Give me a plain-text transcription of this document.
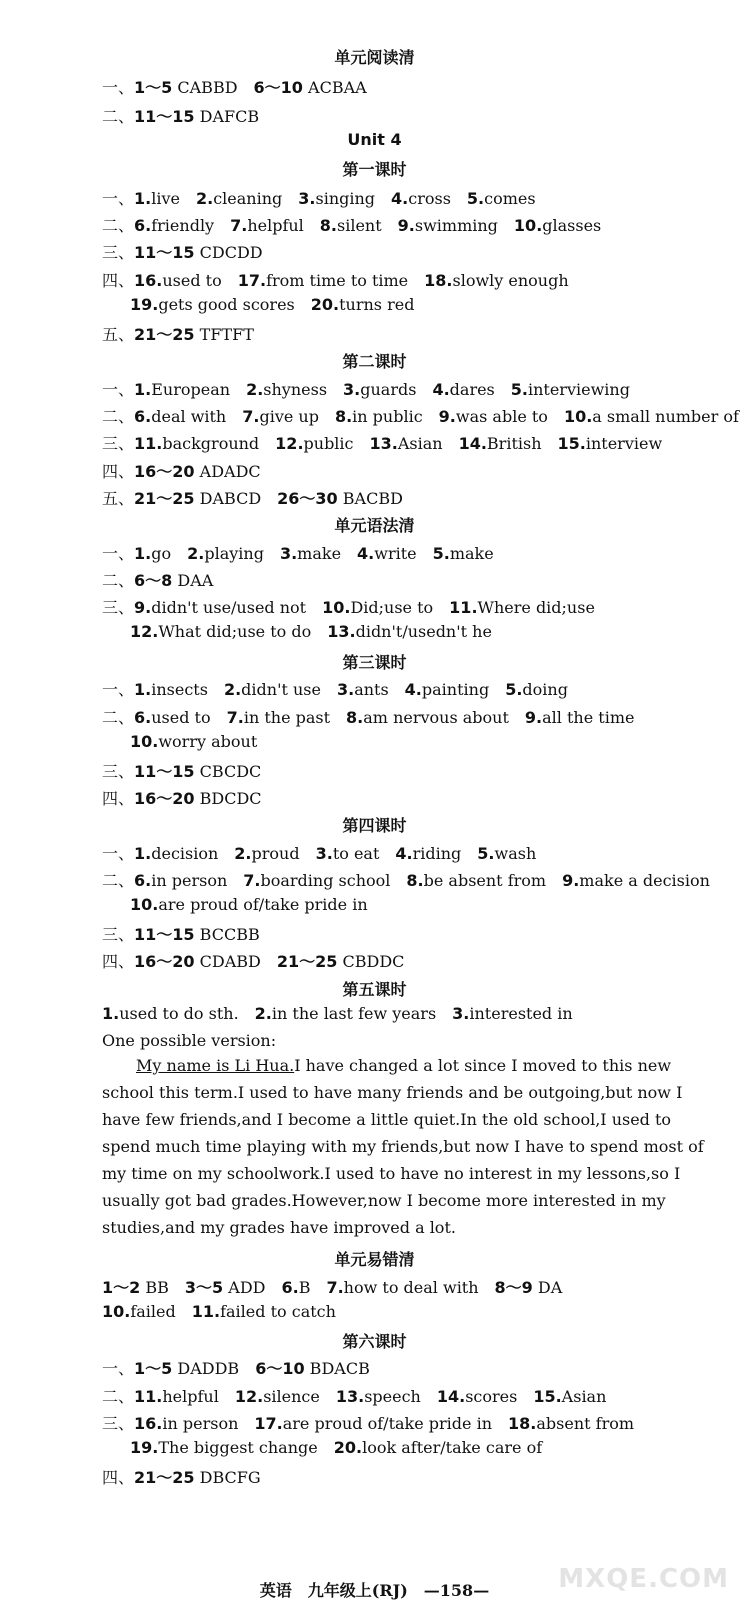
单元阅读清
一、1～5 CABBD 6～10 ACBAA
二、11～15 DAFCB
Unit 4
第一课时
一、1.live 2.cleaning 3.singing 4.cross 5.comes
二、6.friendly 7.helpful 8.silent 9.swimming 10.glasses
三、11～15 CDCDD
四、16.used to 17.from time to time 18.slowly enough
19.gets good scores 20.turns red
五、21～25 TFTFT
第二课时
一、1.European 2.shyness 3.guards 4.dares 5.interviewing
二、6.deal with 7.give up 8.in public 9.was able to 10.a small number of
三、11.background 12.public 13.Asian 14.British 15.interview
四、16～20 ADADC
五、21～25 DABCD 26～30 BACBD
单元语法清
一、1.go 2.playing 3.make 4.write 5.make
二、6～8 DAA
三、9.didn't use/used not 10.Did;use to 11.Where did;use
12.What did;use to do 13.didn't/usedn't he
第三课时
一、1.insects 2.didn't use 3.ants 4.painting 5.doing
二、6.used to 7.in the past 8.am nervous about 9.all the time
10.worry about
三、11～15 CBCDC
四、16～20 BDCDC
第四课时
一、1.decision 2.proud 3.to eat 4.riding 5.wash
二、6.in person 7.boarding school 8.be absent from 9.make a decision
10.are proud of/take pride in
三、11～15 BCCBB
四、16～20 CDABD 21～25 CBDDC
第五课时
1.used to do sth. 2.in the last few years 3.interested in
One possible version:
My name is Li Hua.I have changed a lot since I moved to this new school this term.I used to have many friends and be outgoing,but now I have few friends,and I become a little quiet.In the old school,I used to spend much time playing with my friends,but now I have to spend most of my time on my schoolwork.I used to have no interest in my lessons,so I usually got bad grades.However,now I become more interested in my studies,and my grades have improved a lot.
单元易错清
1～2 BB 3～5 ADD 6.B 7.how to deal with 8～9 DA
10.failed 11.failed to catch
第六课时
一、1～5 DADDB 6～10 BDACB
二、11.helpful 12.silence 13.speech 14.scores 15.Asian
三、16.in person 17.are proud of/take pride in 18.absent from
19.The biggest change 20.look after/take care of
四、21～25 DBCFG
英语　九年级上(RJ)　—158—	MXQE.COM
